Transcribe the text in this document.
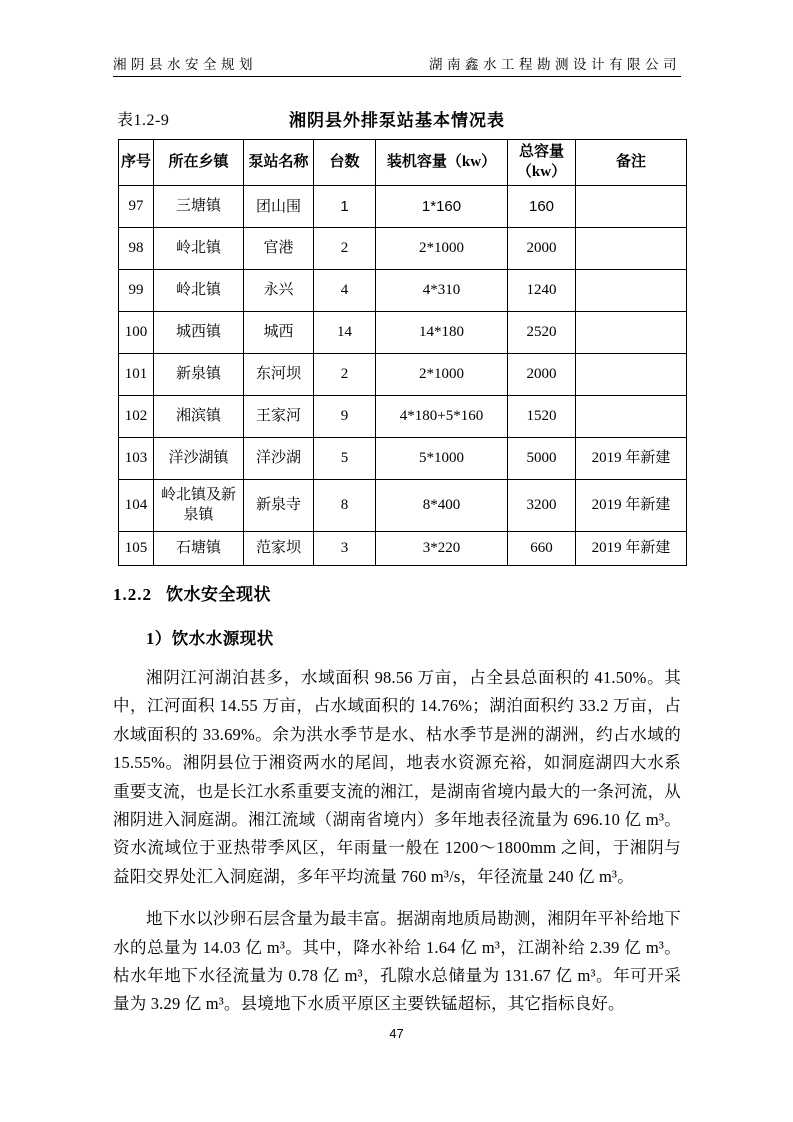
湘阴县水安全规划	湖南鑫水工程勘测设计有限公司
表1.2-9	湘阴县外排泵站基本情况表
序号	所在乡镇	泵站名称	台数	装机容量（kw）	总容量（kw）	备注
97	三塘镇	团山围	1	1*160	160	
98	岭北镇	官港	2	2*1000	2000	
99	岭北镇	永兴	4	4*310	1240	
100	城西镇	城西	14	14*180	2520	
101	新泉镇	东河坝	2	2*1000	2000	
102	湘滨镇	王家河	9	4*180+5*160	1520	
103	洋沙湖镇	洋沙湖	5	5*1000	5000	2019 年新建
104	岭北镇及新泉镇	新泉寺	8	8*400	3200	2019 年新建
105	石塘镇	范家坝	3	3*220	660	2019 年新建
1.2.2 饮水安全现状
1）饮水水源现状

湘阴江河湖泊甚多，水域面积 98.56 万亩，占全县总面积的 41.50%。其中，江河面积 14.55 万亩，占水域面积的 14.76%；湖泊面积约 33.2 万亩，占水域面积的 33.69%。余为洪水季节是水、枯水季节是洲的湖洲，约占水域的 15.55%。湘阴县位于湘资两水的尾闾，地表水资源充裕，如洞庭湖四大水系重要支流，也是长江水系重要支流的湘江，是湖南省境内最大的一条河流，从湘阴进入洞庭湖。湘江流域（湖南省境内）多年地表径流量为 696.10 亿 m³。资水流域位于亚热带季风区，年雨量一般在 1200～1800mm 之间，于湘阴与益阳交界处汇入洞庭湖，多年平均流量 760 m³/s，年径流量 240 亿 m³。

地下水以沙卵石层含量为最丰富。据湖南地质局勘测，湘阴年平补给地下水的总量为 14.03 亿 m³。其中，降水补给 1.64 亿 m³，江湖补给 2.39 亿 m³。枯水年地下水径流量为 0.78 亿 m³，孔隙水总储量为 131.67 亿 m³。年可开采量为 3.29 亿 m³。县境地下水质平原区主要铁锰超标，其它指标良好。

47
